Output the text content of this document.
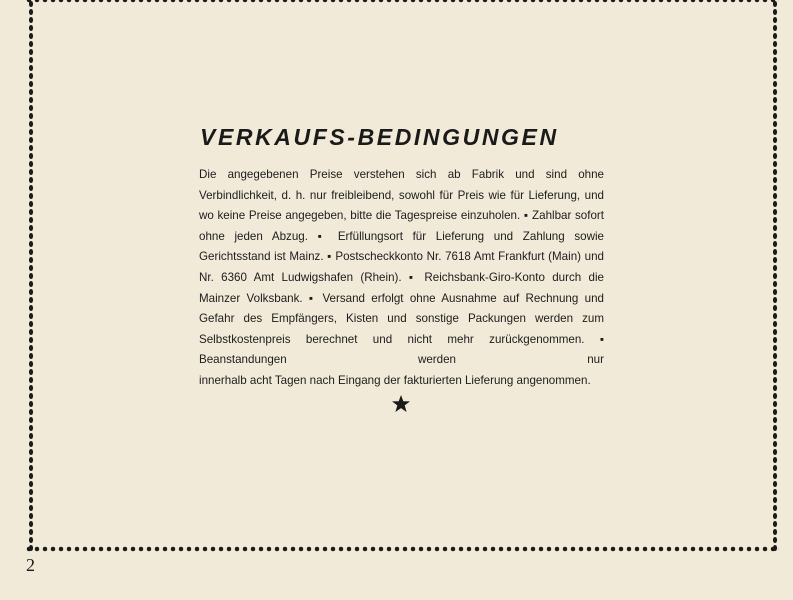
VERKAUFS-BEDINGUNGEN

Die angegebenen Preise verstehen sich ab Fabrik und sind ohne Verbindlichkeit, d. h. nur freibleibend, sowohl für Preis wie für Lieferung, und wo keine Preise angegeben, bitte die Tagespreise einzuholen. ▪ Zahlbar sofort ohne jeden Abzug. ▪ Erfüllungsort für Lieferung und Zahlung sowie Gerichtsstand ist Mainz. ▪ Postscheckkonto Nr. 7618 Amt Frankfurt (Main) und Nr. 6360 Amt Ludwigshafen (Rhein). ▪ Reichsbank-Giro-Konto durch die Mainzer Volksbank. ▪ Versand erfolgt ohne Ausnahme auf Rechnung und Gefahr des Empfängers, Kisten und sonstige Packungen werden zum Selbstkostenpreis berechnet und nicht mehr zurückgenommen. ▪ Beanstandungen werden nur
innerhalb acht Tagen nach Eingang der fakturierten Lieferung angenommen.

2
